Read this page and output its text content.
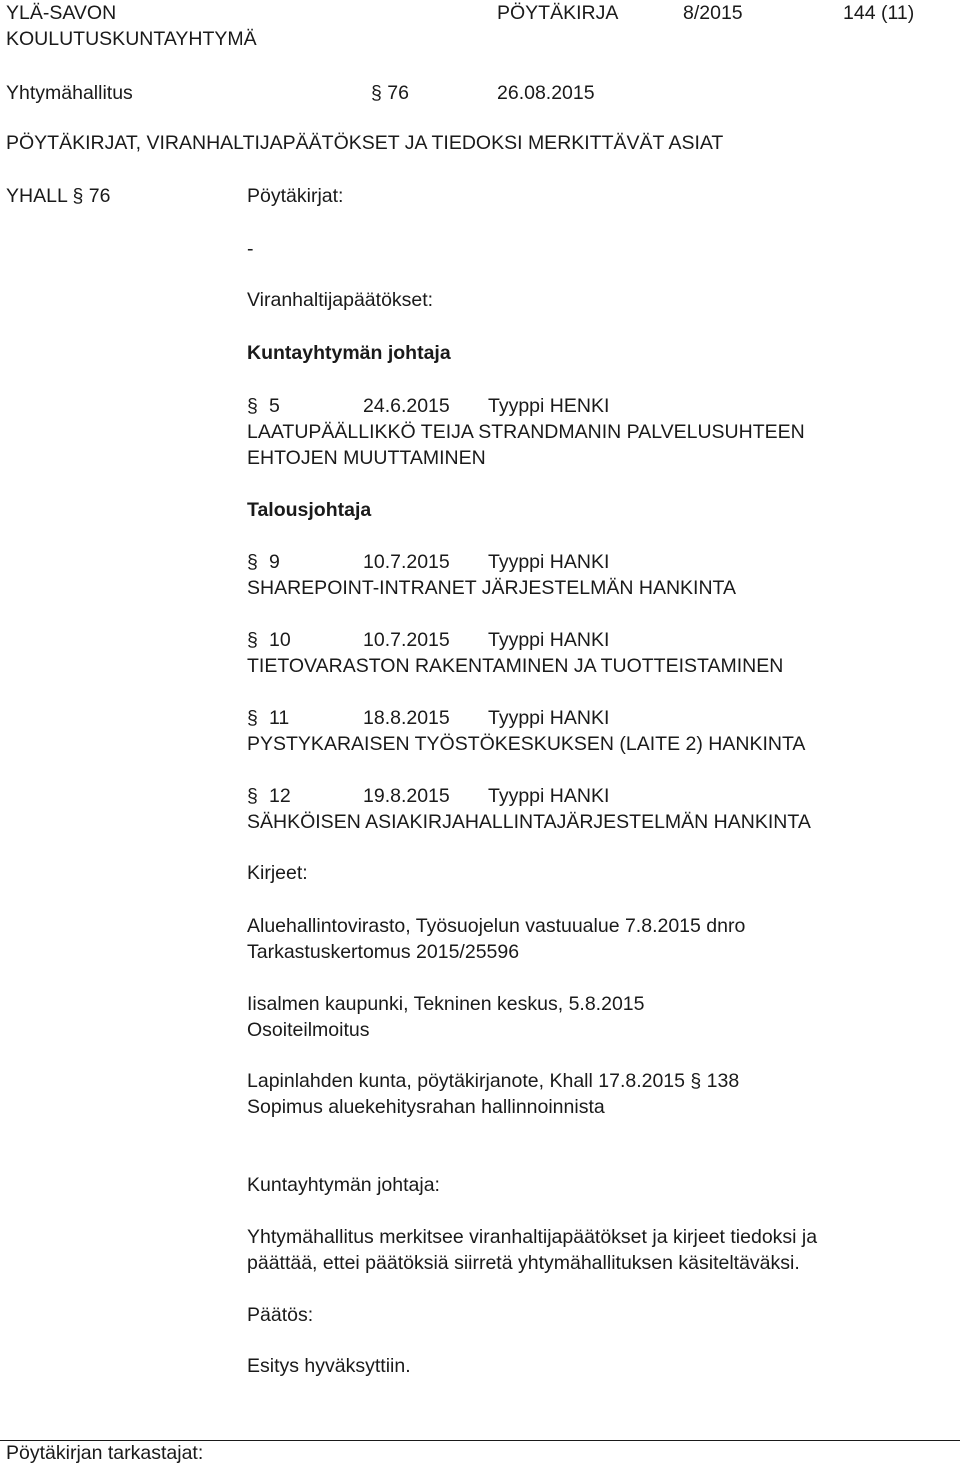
YLÄ-SAVON
KOULUTUSKUNTAYHTYMÄ
PÖYTÄKIRJA	8/2015	144 (11)
Yhtymähallitus	§ 76	26.08.2015
PÖYTÄKIRJAT, VIRANHALTIJAPÄÄTÖKSET JA TIEDOKSI MERKITTÄVÄT ASIAT
YHALL § 76	Pöytäkirjat:
-
Viranhaltijapäätökset:
Kuntayhtymän johtaja
§ 5	24.6.2015 Tyyppi HENKI
LAATUPÄÄLLIKKÖ TEIJA STRANDMANIN PALVELUSUHTEEN
EHTOJEN MUUTTAMINEN
Talousjohtaja
§ 9	10.7.2015 Tyyppi HANKI
SHAREPOINT-INTRANET JÄRJESTELMÄN HANKINTA
§ 10	10.7.2015 Tyyppi HANKI
TIETOVARASTON RAKENTAMINEN JA TUOTTEISTAMINEN
§ 11	18.8.2015 Tyyppi HANKI
PYSTYKARAISEN TYÖSTÖKESKUKSEN (LAITE 2) HANKINTA
§ 12	19.8.2015 Tyyppi HANKI
SÄHKÖISEN ASIAKIRJAHALLINTAJÄRJESTELMÄN HANKINTA
Kirjeet:
Aluehallintovirasto, Työsuojelun vastuualue 7.8.2015 dnro
Tarkastuskertomus 2015/25596
Iisalmen kaupunki, Tekninen keskus, 5.8.2015
Osoiteilmoitus
Lapinlahden kunta, pöytäkirjanote, Khall 17.8.2015 § 138
Sopimus aluekehitysrahan hallinnoinnista
Kuntayhtymän johtaja:
Yhtymähallitus merkitsee viranhaltijapäätökset ja kirjeet tiedoksi ja
päättää, ettei päätöksiä siirretä yhtymähallituksen käsiteltäväksi.
Päätös:
Esitys hyväksyttiin.
Pöytäkirjan tarkastajat:
